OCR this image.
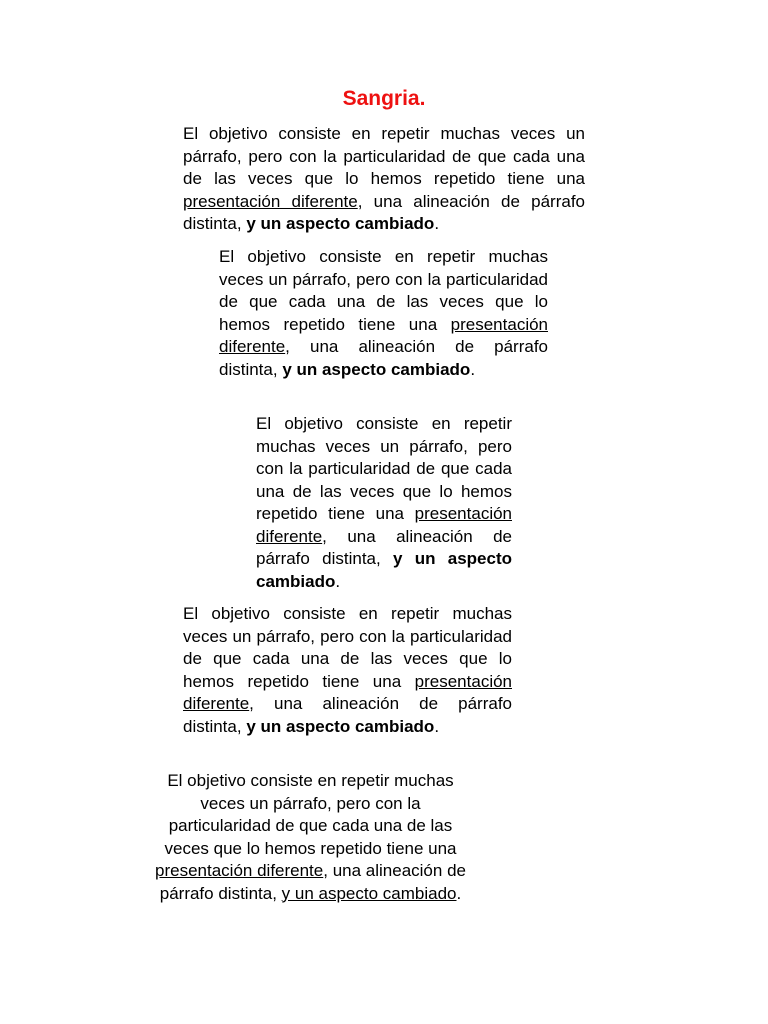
Sangria.

El objetivo consiste en repetir muchas veces un párrafo, pero con la particularidad de que cada una de las veces que lo hemos repetido tiene una presentación diferente, una alineación de párrafo distinta, y un aspecto cambiado.

El objetivo consiste en repetir muchas veces un párrafo, pero con la particularidad de que cada una de las veces que lo hemos repetido tiene una presentación diferente, una alineación de párrafo distinta, y un aspecto cambiado.

El objetivo consiste en repetir muchas veces un párrafo, pero con la particularidad de que cada una de las veces que lo hemos repetido tiene una presentación diferente, una alineación de párrafo distinta, y un aspecto cambiado.

El objetivo consiste en repetir muchas veces un párrafo, pero con la particularidad de que cada una de las veces que lo hemos repetido tiene una presentación diferente, una alineación de párrafo distinta, y un aspecto cambiado.

El objetivo consiste en repetir muchas veces un párrafo, pero con la particularidad de que cada una de las veces que lo hemos repetido tiene una presentación diferente, una alineación de párrafo distinta, y un aspecto cambiado.
